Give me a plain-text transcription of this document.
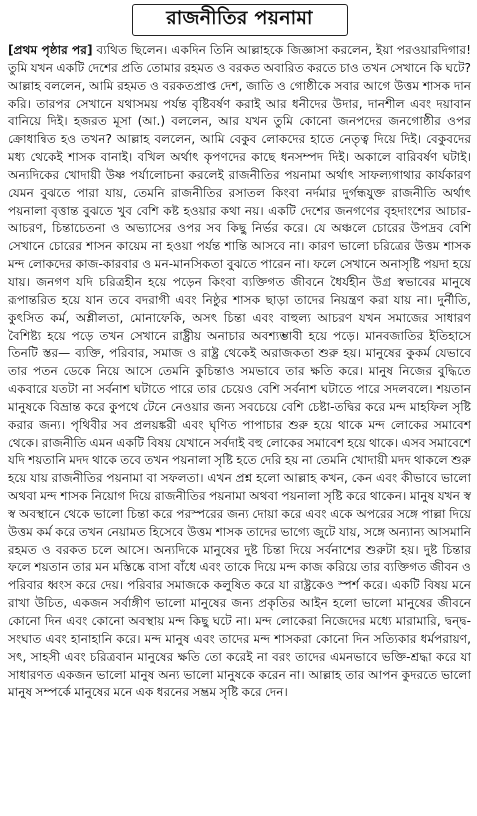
রাজনীতির পয়নামা

[প্রথম পৃষ্ঠার পর] ব্যথিত ছিলেন। একদিন তিনি আল্লাহকে জিজ্ঞাসা করলেন, ইয়া পরওয়ারদিগার! তুমি যখন একটি দেশের প্রতি তোমার রহমত ও বরকত অবারিত করতে চাও তখন সেখানে কি ঘটে? আল্লাহ বললেন, আমি রহমত ও বরকতপ্রাপ্ত দেশ, জাতি ও গোষ্ঠীকে সবার আগে উত্তম শাসক দান করি। তারপর সেখানে যথাসময় পর্যন্ত বৃষ্টিবর্ষণ করাই আর ধনীদের উদার, দানশীল এবং দয়াবান বানিয়ে দিই। হজরত মূসা (আ.) বললেন, আর যখন তুমি কোনো জনপদের জনগোষ্ঠীর ওপর ক্রোধান্বিত হও তখন? আল্লাহ বললেন, আমি বেকুব লোকদের হাতে নেতৃত্ব দিয়ে দিই। বেকুবদের মধ্য থেকেই শাসক বানাই। বখিল অর্থাৎ কৃপণদের কাছে ধনসম্পদ দিই। অকালে বারিবর্ষণ ঘটাই। অন্যদিকের খোদায়ী উষ্ণ পর্যালোচনা করলেই রাজনীতির পয়নামা অর্থাৎ সাফল্যগাথার কার্যকারণ যেমন বুঝতে পারা যায়, তেমনি রাজনীতির রসাতল কিংবা নর্দমার দুর্গন্ধযুক্ত রাজনীতি অর্থাৎ পয়নালা বৃত্তান্ত বুঝতে খুব বেশি কষ্ট হওয়ার কথা নয়। একটি দেশের জনগণের বৃহদাংশের আচার-আচরণ, চিন্তাচেতনা ও অভ্যাসের ওপর সব কিছু নির্ভর করে। যে অঞ্চলে চোরের উপদ্রব বেশি সেখানে চোরের শাসন কায়েম না হওয়া পর্যন্ত শান্তি আসবে না। কারণ ভালো চরিত্রের উত্তম শাসক মন্দ লোকদের কাজ-কারবার ও মন-মানসিকতা বুঝতে পারেন না। ফলে সেখানে অনাসৃষ্টি পয়দা হয়ে যায়। জনগণ যদি চরিত্রহীন হয়ে পড়েন কিংবা ব্যক্তিগত জীবনে ধৈর্যহীন উগ্র স্বভাবের মানুষে রূপান্তরিত হয়ে যান তবে বদরাগী এবং নিষ্ঠুর শাসক ছাড়া তাদের নিয়ন্ত্রণ করা যায় না। দুর্নীতি, কুৎসিত কর্ম, অশ্লীলতা, মোনাফেকি, অসৎ চিন্তা এবং বাহুল্য আচরণ যখন সমাজের সাধারণ বৈশিষ্ট্য হয়ে পড়ে তখন সেখানে রাষ্ট্রীয় অনাচার অবশ্যম্ভাবী হয়ে পড়ে। মানবজাতির ইতিহাসে তিনটি স্তর— ব্যক্তি, পরিবার, সমাজ ও রাষ্ট্র থেকেই অরাজকতা শুরু হয়। মানুষের কুকর্ম যেভাবে তার পতন ডেকে নিয়ে আসে তেমনি কুচিন্তাও সমভাবে তার ক্ষতি করে। মানুষ নিজের বুদ্ধিতে একবারে যতটা না সর্বনাশ ঘটাতে পারে তার চেয়েও বেশি সর্বনাশ ঘটাতে পারে সদলবলে। শয়তান মানুষকে বিভ্রান্ত করে কুপথে টেনে নেওয়ার জন্য সবচেয়ে বেশি চেষ্টা-তদ্বির করে মন্দ মাহফিল সৃষ্টি করার জন্য। পৃথিবীর সব প্রলয়ঙ্করী এবং ঘৃণিত পাপাচার শুরু হয়ে থাকে মন্দ লোকের সমাবেশ থেকে। রাজনীতি এমন একটি বিষয় যেখানে সর্বদাই বহু লোকের সমাবেশ হয়ে থাকে। এসব সমাবেশে যদি শয়তানি মদদ থাকে তবে তখন পয়নালা সৃষ্টি হতে দেরি হয় না তেমনি খোদায়ী মদদ থাকলে শুরু হয়ে যায় রাজনীতির পয়নামা বা সফলতা। এখন প্রশ্ন হলো আল্লাহ কখন, কেন এবং কীভাবে ভালো অথবা মন্দ শাসক নিয়োগ দিয়ে রাজনীতির পয়নামা অথবা পয়নালা সৃষ্টি করে থাকেন। মানুষ যখন স্ব স্ব অবস্থানে থেকে ভালো চিন্তা করে পরস্পরের জন্য দোয়া করে এবং একে অপরের সঙ্গে পাল্লা দিয়ে উত্তম কর্ম করে তখন নেয়ামত হিসেবে উত্তম শাসক তাদের ভাগ্যে জুটে যায়, সঙ্গে অন্যান্য আসমানি রহমত ও বরকত চলে আসে। অন্যদিকে মানুষের দুষ্ট চিন্তা দিয়ে সর্বনাশের শুরুটা হয়। দুষ্ট চিন্তার ফলে শয়তান তার মন মস্তিষ্কে বাসা বাঁধে এবং তাকে দিয়ে মন্দ কাজ করিয়ে তার ব্যক্তিগত জীবন ও পরিবার ধ্বংস করে দেয়। পরিবার সমাজকে কলুষিত করে যা রাষ্ট্রকেও স্পর্শ করে। একটি বিষয় মনে রাখা উচিত, একজন সর্বাঙ্গীণ ভালো মানুষের জন্য প্রকৃতির আইন হলো ভালো মানুষের জীবনে কোনো দিন এবং কোনো অবস্থায় মন্দ কিছু ঘটে না। মন্দ লোকেরা নিজেদের মধ্যে মারামারি, দ্বন্দ্ব-সংঘাত এবং হানাহানি করে। মন্দ মানুষ এবং তাদের মন্দ শাসকরা কোনো দিন সত্যিকার ধর্মপরায়ণ, সৎ, সাহসী এবং চরিত্রবান মানুষের ক্ষতি তো করেই না বরং তাদের এমনভাবে ভক্তি-শ্রদ্ধা করে যা সাধারণত একজন ভালো মানুষ অন্য ভালো মানুষকে করেন না। আল্লাহ তার আপন কুদরতে ভালো মানুষ সম্পর্কে মানুষের মনে এক ধরনের সম্ভ্রম সৃষ্টি করে দেন।
